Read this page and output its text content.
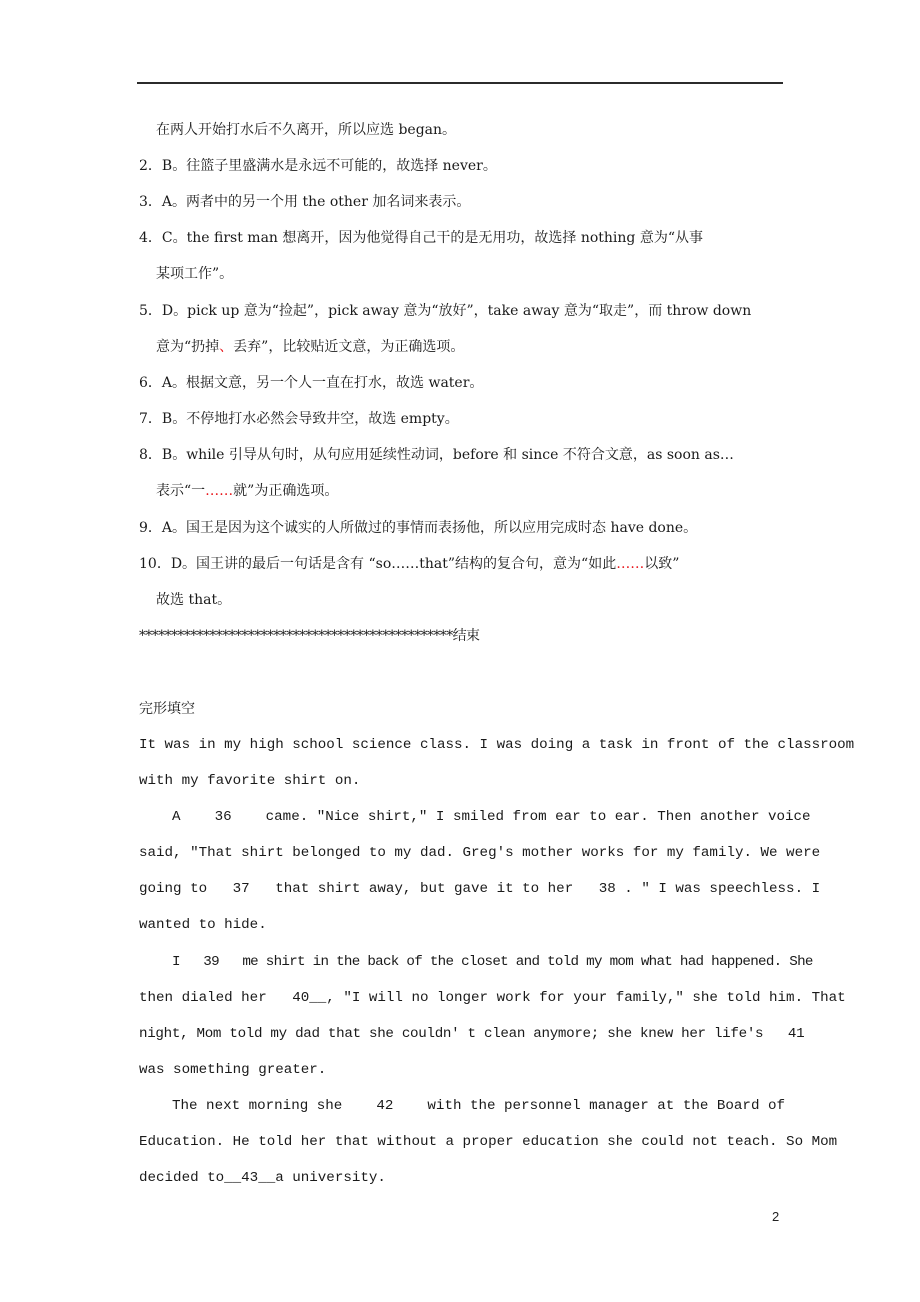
在两人开始打水后不久离开，所以应选 began。
2．B。往篮子里盛满水是永远不可能的，故选择 never。
3．A。两者中的另一个用 the other 加名词来表示。
4．C。the first man 想离开，因为他觉得自己干的是无用功，故选择 nothing 意为“从事
某项工作”。
5．D。pick up 意为“捡起”，pick away 意为“放好”，take away 意为“取走”，而 throw down
意为“扔掉、丢弃”，比较贴近文意，为正确选项。
6．A。根据文意，另一个人一直在打水，故选 water。
7．B。不停地打水必然会导致井空，故选 empty。
8．B。while 引导从句时，从句应用延续性动词，before 和 since 不符合文意，as soon as…
表示“一……就”为正确选项。
9．A。国王是因为这个诚实的人所做过的事情而表扬他，所以应用完成时态 have done。
10．D。国王讲的最后一句话是含有 “so……that”结构的复合句，意为“如此……以致”
故选 that。
*************************************************结束
完形填空
It was in my high school science class. I was doing a task in front of the classroom
with my favorite shirt on.
A    36    came. "Nice shirt," I smiled from ear to ear. Then another voice
said, "That shirt belonged to my dad. Greg's mother works for my family. We were
going to   37   that shirt away, but gave it to her   38 . " I was speechless. I
wanted to hide.
I   39   me shirt in the back of the closet and told my mom what had happened. She
then dialed her   40__, "I will no longer work for your family," she told him. That
night, Mom told my dad that she couldn' t clean anymore; she knew her life's   41
was something greater.
The next morning she    42    with the personnel manager at the Board of
Education. He told her that without a proper education she could not teach. So Mom
decided to__43__a university.
2
